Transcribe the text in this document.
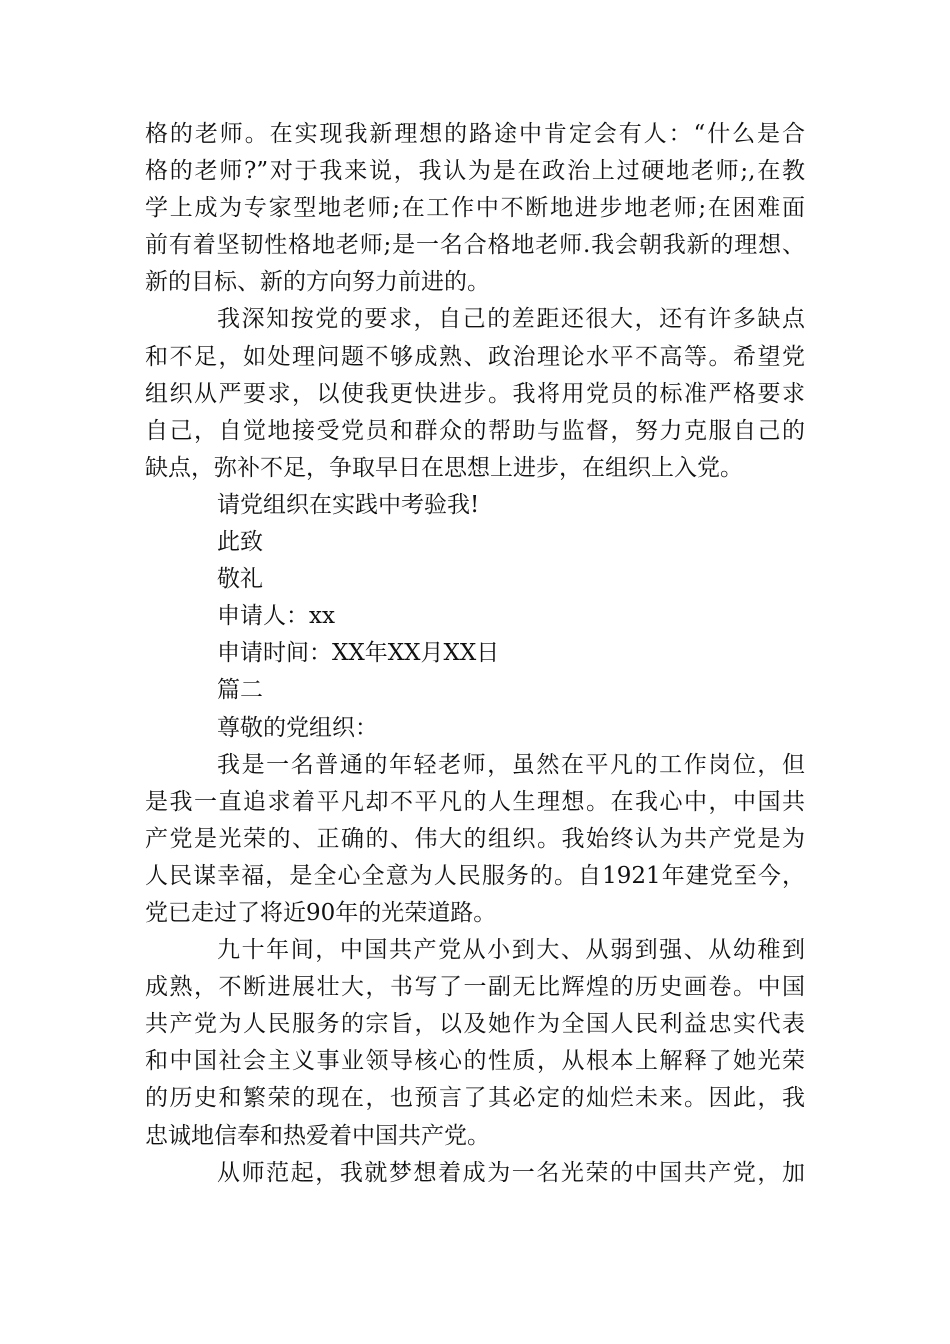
格的老师。在实现我新理想的路途中肯定会有人：“什么是合
格的老师?”对于我来说，我认为是在政治上过硬地老师;,在教
学上成为专家型地老师;在工作中不断地进步地老师;在困难面
前有着坚韧性格地老师;是一名合格地老师.我会朝我新的理想、
新的目标、新的方向努力前进的。
我深知按党的要求，自己的差距还很大，还有许多缺点
和不足，如处理问题不够成熟、政治理论水平不高等。希望党
组织从严要求，以使我更快进步。我将用党员的标准严格要求
自己，自觉地接受党员和群众的帮助与监督，努力克服自己的
缺点，弥补不足，争取早日在思想上进步，在组织上入党。
请党组织在实践中考验我!
此致
敬礼
申请人：xx
申请时间：XX年XX月XX日
篇二
尊敬的党组织：
我是一名普通的年轻老师，虽然在平凡的工作岗位，但
是我一直追求着平凡却不平凡的人生理想。在我心中，中国共
产党是光荣的、正确的、伟大的组织。我始终认为共产党是为
人民谋幸福，是全心全意为人民服务的。自1921年建党至今，
党已走过了将近90年的光荣道路。
九十年间，中国共产党从小到大、从弱到强、从幼稚到
成熟，不断进展壮大，书写了一副无比辉煌的历史画卷。中国
共产党为人民服务的宗旨，以及她作为全国人民利益忠实代表
和中国社会主义事业领导核心的性质，从根本上解释了她光荣
的历史和繁荣的现在，也预言了其必定的灿烂未来。因此，我
忠诚地信奉和热爱着中国共产党。
从师范起，我就梦想着成为一名光荣的中国共产党，加
